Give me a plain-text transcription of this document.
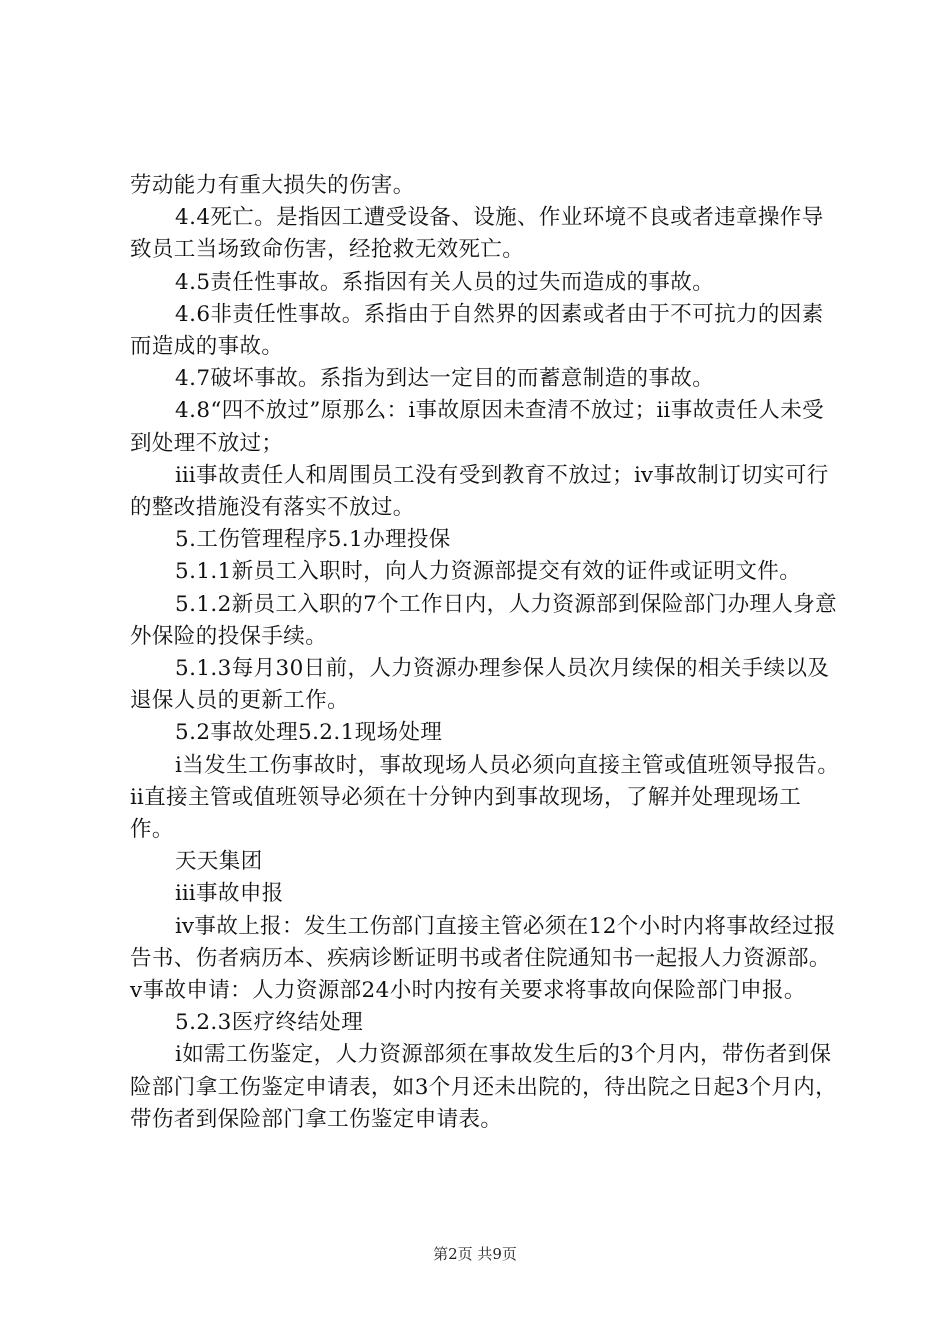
劳动能力有重大损失的伤害。

4.4死亡。是指因工遭受设备、设施、作业环境不良或者违章操作导致员工当场致命伤害，经抢救无效死亡。

4.5责任性事故。系指因有关人员的过失而造成的事故。

4.6非责任性事故。系指由于自然界的因素或者由于不可抗力的因素而造成的事故。

4.7破坏事故。系指为到达一定目的而蓄意制造的事故。

4.8“四不放过”原那么：ⅰ事故原因未查清不放过；ⅱ事故责任人未受到处理不放过；

ⅲ事故责任人和周围员工没有受到教育不放过；ⅳ事故制订切实可行的整改措施没有落实不放过。

5.工伤管理程序5.1办理投保

5.1.1新员工入职时，向人力资源部提交有效的证件或证明文件。

5.1.2新员工入职的7个工作日内，人力资源部到保险部门办理人身意外保险的投保手续。

5.1.3每月30日前，人力资源办理参保人员次月续保的相关手续以及退保人员的更新工作。

5.2事故处理5.2.1现场处理

ⅰ当发生工伤事故时，事故现场人员必须向直接主管或值班领导报告。ⅱ直接主管或值班领导必须在十分钟内到事故现场，了解并处理现场工作。

天天集团

ⅲ事故申报

ⅳ事故上报：发生工伤部门直接主管必须在12个小时内将事故经过报告书、伤者病历本、疾病诊断证明书或者住院通知书一起报人力资源部。ⅴ事故申请：人力资源部24小时内按有关要求将事故向保险部门申报。

5.2.3医疗终结处理

ⅰ如需工伤鉴定，人力资源部须在事故发生后的3个月内，带伤者到保险部门拿工伤鉴定申请表，如3个月还未出院的，待出院之日起3个月内，带伤者到保险部门拿工伤鉴定申请表。

第2页 共9页
